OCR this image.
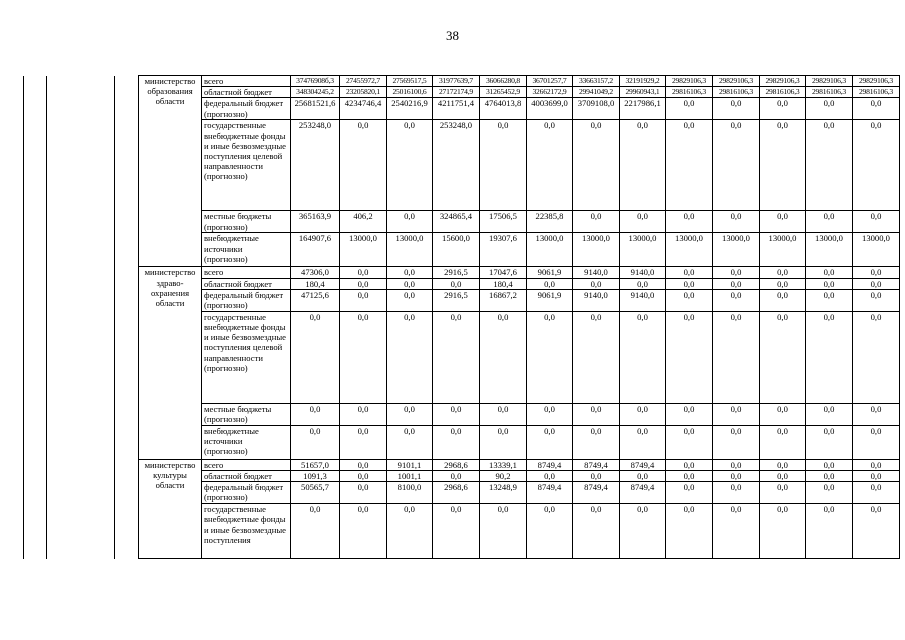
38
			министерство образования области	всего	37476908б,3	27455972,7	27569517,5	31977639,7	36066280,8	36701257,7	33663157,2	32191929,2	29829106,3	29829106,3	29829106,3	29829106,3	29829106,3
				областной бюджет	348304245,2	23205820,1	25016100,6	27172174,9	31265452,9	32662172,9	29941049,2	29960943,1	29816106,3	29816106,3	29816106,3	29816106,3	29816106,3
				федеральный бюджет (прогнозно)	25681521,6	4234746,4	2540216,9	4211751,4	4764013,8	4003699,0	3709108,0	2217986,1	0,0	0,0	0,0	0,0	0,0
				государственные внебюджетные фонды и иные безвозмездные поступления целевой направленности (прогнозно)	253248,0	0,0	0,0	253248,0	0,0	0,0	0,0	0,0	0,0	0,0	0,0	0,0	0,0
				местные бюджеты (прогнозно)	365163,9	406,2	0,0	324865,4	17506,5	22385,8	0,0	0,0	0,0	0,0	0,0	0,0	0,0
				внебюджетные источники (прогнозно)	164907,6	13000,0	13000,0	15600,0	19307,6	13000,0	13000,0	13000,0	13000,0	13000,0	13000,0	13000,0	13000,0
			министерство здраво-охранения области	всего	47306,0	0,0	0,0	2916,5	17047,6	9061,9	9140,0	9140,0	0,0	0,0	0,0	0,0	0,0
				областной бюджет	180,4	0,0	0,0	0,0	180,4	0,0	0,0	0,0	0,0	0,0	0,0	0,0	0,0
				федеральный бюджет (прогнозно)	47125,6	0,0	0,0	2916,5	16867,2	9061,9	9140,0	9140,0	0,0	0,0	0,0	0,0	0,0
				государственные внебюджетные фонды и иные безвозмездные поступления целевой направленности (прогнозно)	0,0	0,0	0,0	0,0	0,0	0,0	0,0	0,0	0,0	0,0	0,0	0,0	0,0
				местные бюджеты (прогнозно)	0,0	0,0	0,0	0,0	0,0	0,0	0,0	0,0	0,0	0,0	0,0	0,0	0,0
				внебюджетные источники (прогнозно)	0,0	0,0	0,0	0,0	0,0	0,0	0,0	0,0	0,0	0,0	0,0	0,0	0,0
			министерство культуры области	всего	51657,0	0,0	9101,1	2968,6	13339,1	8749,4	8749,4	8749,4	0,0	0,0	0,0	0,0	0,0
				областной бюджет	1091,3	0,0	1001,1	0,0	90,2	0,0	0,0	0,0	0,0	0,0	0,0	0,0	0,0
				федеральный бюджет (прогнозно)	50565,7	0,0	8100,0	2968,6	13248,9	8749,4	8749,4	8749,4	0,0	0,0	0,0	0,0	0,0
				государственные внебюджетные фонды и иные безвозмездные поступления	0,0	0,0	0,0	0,0	0,0	0,0	0,0	0,0	0,0	0,0	0,0	0,0	0,0
